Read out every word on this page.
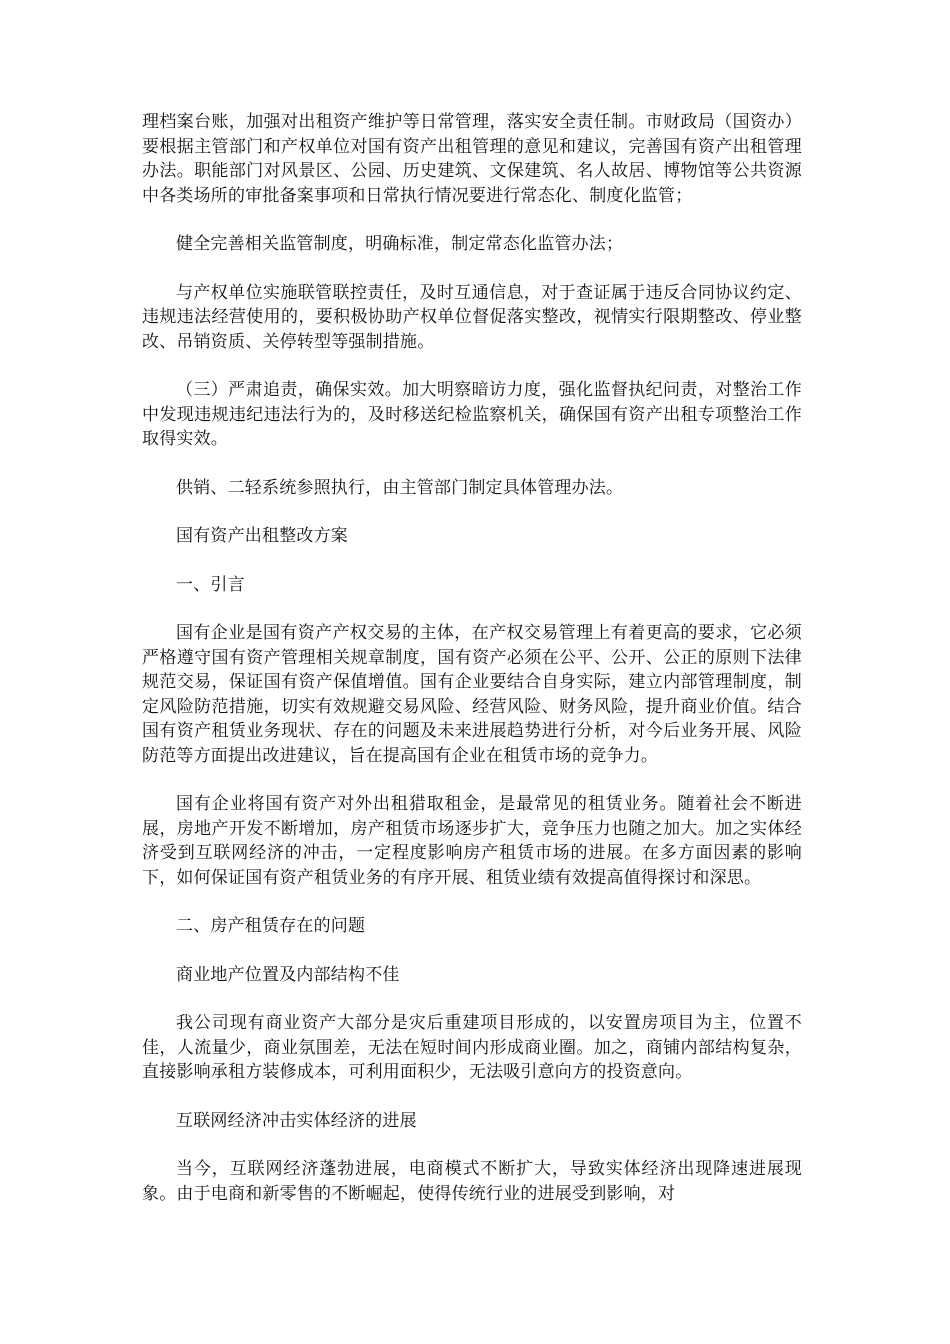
理档案台账，加强对出租资产维护等日常管理，落实安全责任制。市财政局（国资办）要根据主管部门和产权单位对国有资产出租管理的意见和建议，完善国有资产出租管理办法。职能部门对风景区、公园、历史建筑、文保建筑、名人故居、博物馆等公共资源中各类场所的审批备案事项和日常执行情况要进行常态化、制度化监管；

健全完善相关监管制度，明确标准，制定常态化监管办法；

与产权单位实施联管联控责任，及时互通信息，对于查证属于违反合同协议约定、违规违法经营使用的，要积极协助产权单位督促落实整改，视情实行限期整改、停业整改、吊销资质、关停转型等强制措施。

（三）严肃追责，确保实效。加大明察暗访力度，强化监督执纪问责，对整治工作中发现违规违纪违法行为的，及时移送纪检监察机关，确保国有资产出租专项整治工作取得实效。

供销、二轻系统参照执行，由主管部门制定具体管理办法。

国有资产出租整改方案

一、引言

国有企业是国有资产产权交易的主体，在产权交易管理上有着更高的要求，它必须严格遵守国有资产管理相关规章制度，国有资产必须在公平、公开、公正的原则下法律规范交易，保证国有资产保值增值。国有企业要结合自身实际，建立内部管理制度，制定风险防范措施，切实有效规避交易风险、经营风险、财务风险，提升商业价值。结合国有资产租赁业务现状、存在的问题及未来进展趋势进行分析，对今后业务开展、风险防范等方面提出改进建议，旨在提高国有企业在租赁市场的竞争力。

国有企业将国有资产对外出租猎取租金，是最常见的租赁业务。随着社会不断进展，房地产开发不断增加，房产租赁市场逐步扩大，竞争压力也随之加大。加之实体经济受到互联网经济的冲击，一定程度影响房产租赁市场的进展。在多方面因素的影响下，如何保证国有资产租赁业务的有序开展、租赁业绩有效提高值得探讨和深思。

二、房产租赁存在的问题

商业地产位置及内部结构不佳

我公司现有商业资产大部分是灾后重建项目形成的，以安置房项目为主，位置不佳，人流量少，商业氛围差，无法在短时间内形成商业圈。加之，商铺内部结构复杂，直接影响承租方装修成本，可利用面积少，无法吸引意向方的投资意向。

互联网经济冲击实体经济的进展

当今，互联网经济蓬勃进展，电商模式不断扩大，导致实体经济出现降速进展现象。由于电商和新零售的不断崛起，使得传统行业的进展受到影响，对
